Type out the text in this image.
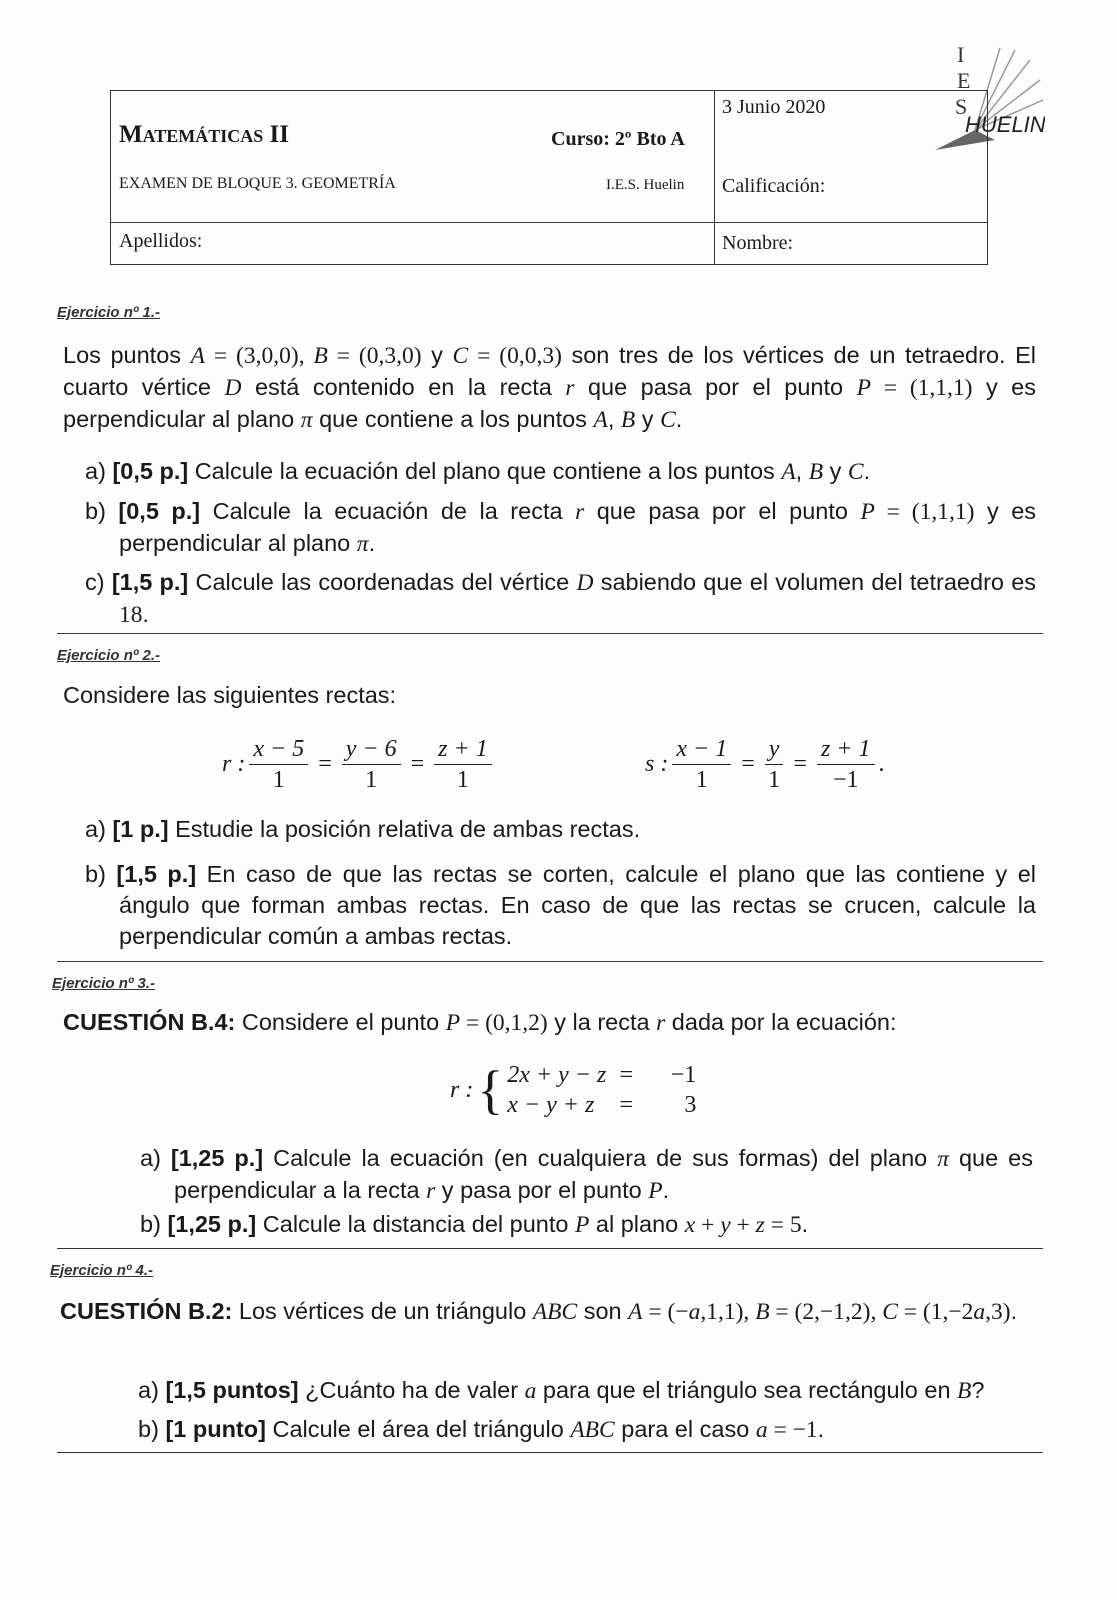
I
E
S
HUELIN
Matemáticas II	Curso: 2º Bto A
EXAMEN DE BLOQUE 3. GEOMETRÍA	I.E.S. Huelin
3 Junio 2020
Calificación:
Apellidos:	Nombre:
Ejercicio nº 1.-
Los puntos A = (3,0,0), B = (0,3,0) y C = (0,0,3) son tres de los vértices de un tetraedro. El cuarto vértice D está contenido en la recta r que pasa por el punto P = (1,1,1) y es perpendicular al plano π que contiene a los puntos A, B y C.
a) [0,5 p.] Calcule la ecuación del plano que contiene a los puntos A, B y C.
b) [0,5 p.] Calcule la ecuación de la recta r que pasa por el punto P = (1,1,1) y es perpendicular al plano π.
c) [1,5 p.] Calcule las coordenadas del vértice D sabiendo que el volumen del tetraedro es 18.
Ejercicio nº 2.-
Considere las siguientes rectas:
r : $\frac{x - 5}{1} = \frac{y - 6}{1} = \frac{z + 1}{1}$	s : $\frac{x - 1}{1} = \frac{y}{1} = \frac{z + 1}{-1}$ .
a) [1 p.] Estudie la posición relativa de ambas rectas.
b) [1,5 p.] En caso de que las rectas se corten, calcule el plano que las contiene y el ángulo que forman ambas rectas. En caso de que las rectas se crucen, calcule la perpendicular común a ambas rectas.
Ejercicio nº 3.-
CUESTIÓN B.4: Considere el punto P = (0,1,2) y la recta r dada por la ecuación:
r : { 2x + y − z =	−1
x − y + z	=	3
a) [1,25 p.] Calcule la ecuación (en cualquiera de sus formas) del plano π que es perpendicular a la recta r y pasa por el punto P.
b) [1,25 p.] Calcule la distancia del punto P al plano x + y + z = 5.
Ejercicio nº 4.-
CUESTIÓN B.2: Los vértices de un triángulo ABC son A = (−a,1,1), B = (2,−1,2), C = (1,−2a,3).
a) [1,5 puntos] ¿Cuánto ha de valer a para que el triángulo sea rectángulo en B?
b) [1 punto] Calcule el área del triángulo ABC para el caso a = −1.
